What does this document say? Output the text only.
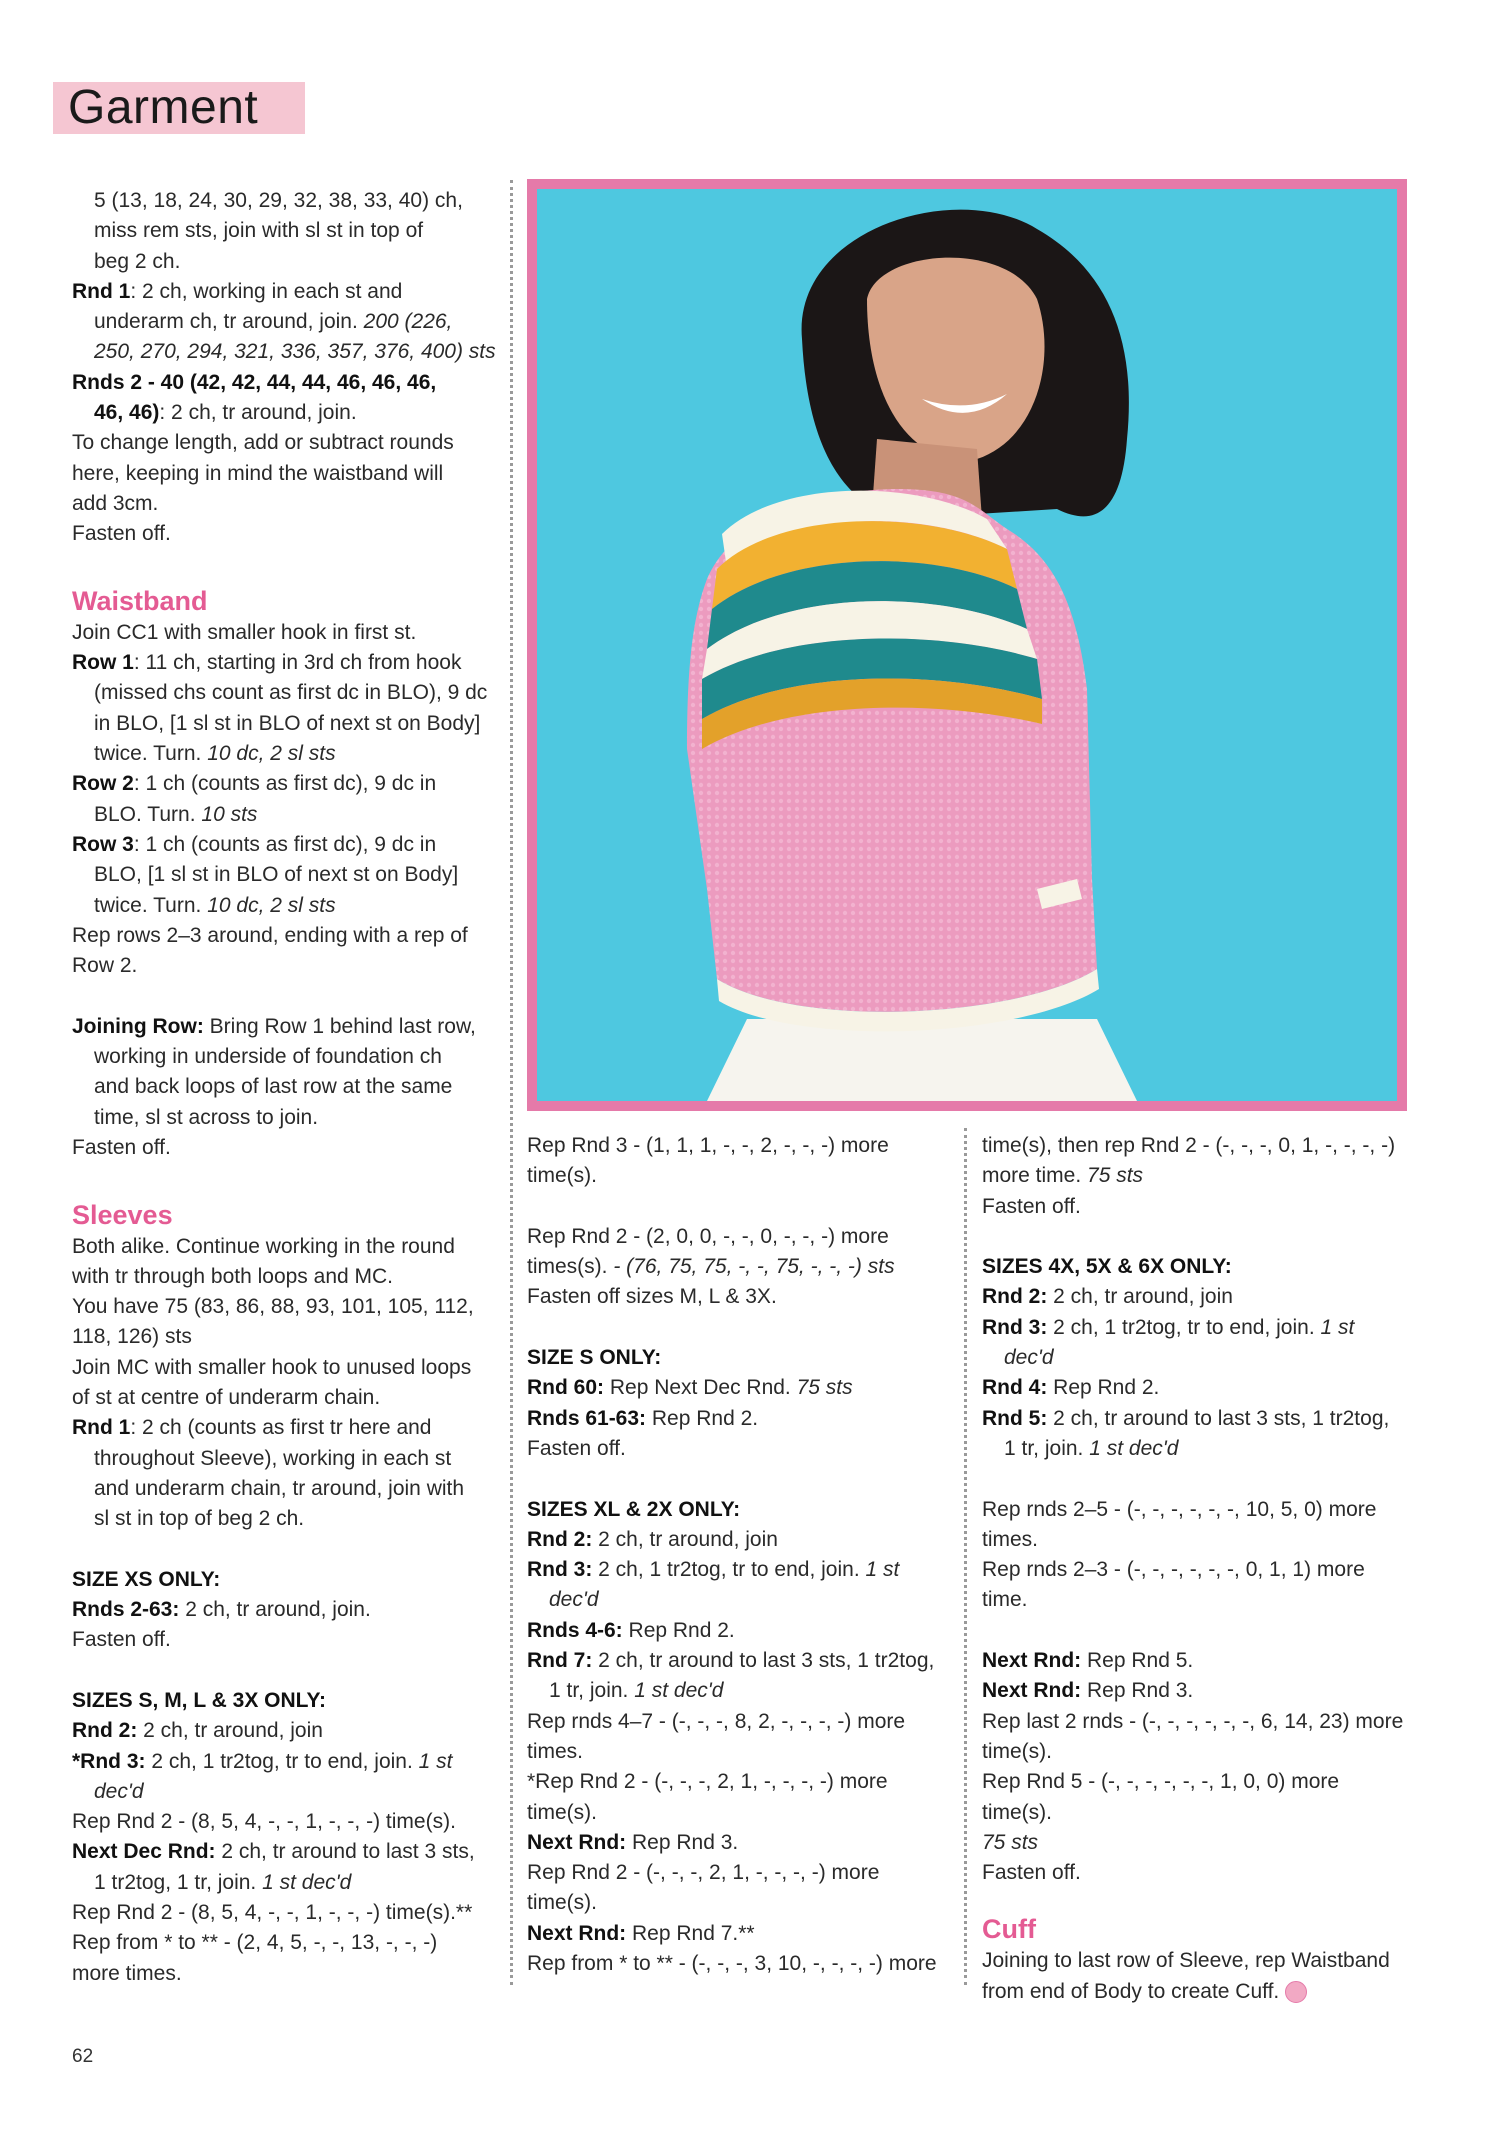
Garment

5 (13, 18, 24, 30, 29, 32, 38, 33, 40) ch,

miss rem sts, join with sl st in top of

beg 2 ch.

Rnd 1: 2 ch, working in each st and

underarm ch, tr around, join. 200 (226,

250, 270, 294, 321, 336, 357, 376, 400) sts

Rnds 2 - 40 (42, 42, 44, 44, 46, 46, 46,

46, 46): 2 ch, tr around, join.

To change length, add or subtract rounds

here, keeping in mind the waistband will

add 3cm.

Fasten off.

Waistband

Join CC1 with smaller hook in first st.

Row 1: 11 ch, starting in 3rd ch from hook

(missed chs count as first dc in BLO), 9 dc

in BLO, [1 sl st in BLO of next st on Body]

twice. Turn. 10 dc, 2 sl sts

Row 2: 1 ch (counts as first dc), 9 dc in

BLO. Turn. 10 sts

Row 3: 1 ch (counts as first dc), 9 dc in

BLO, [1 sl st in BLO of next st on Body]

twice. Turn. 10 dc, 2 sl sts

Rep rows 2–3 around, ending with a rep of

Row 2.

Joining Row: Bring Row 1 behind last row,

working in underside of foundation ch

and back loops of last row at the same

time, sl st across to join.

Fasten off.

Sleeves

Both alike. Continue working in the round

with tr through both loops and MC.

You have 75 (83, 86, 88, 93, 101, 105, 112,

118, 126) sts

Join MC with smaller hook to unused loops

of st at centre of underarm chain.

Rnd 1: 2 ch (counts as first tr here and

throughout Sleeve), working in each st

and underarm chain, tr around, join with

sl st in top of beg 2 ch.

SIZE XS ONLY:

Rnds 2-63: 2 ch, tr around, join.

Fasten off.

SIZES S, M, L & 3X ONLY:

Rnd 2: 2 ch, tr around, join

*Rnd 3: 2 ch, 1 tr2tog, tr to end, join. 1 st

dec'd

Rep Rnd 2 - (8, 5, 4, -, -, 1, -, -, -) time(s).

Next Dec Rnd: 2 ch, tr around to last 3 sts,

1 tr2tog, 1 tr, join. 1 st dec'd

Rep Rnd 2 - (8, 5, 4, -, -, 1, -, -, -) time(s).**

Rep from * to ** - (2, 4, 5, -, -, 13, -, -, -)

more times.

Rep Rnd 3 - (1, 1, 1, -, -, 2, -, -, -) more

time(s).

Rep Rnd 2 - (2, 0, 0, -, -, 0, -, -, -) more

times(s). - (76, 75, 75, -, -, 75, -, -, -) sts

Fasten off sizes M, L & 3X.

SIZE S ONLY:

Rnd 60: Rep Next Dec Rnd. 75 sts

Rnds 61-63: Rep Rnd 2.

Fasten off.

SIZES XL & 2X ONLY:

Rnd 2: 2 ch, tr around, join

Rnd 3: 2 ch, 1 tr2tog, tr to end, join. 1 st

dec'd

Rnds 4-6: Rep Rnd 2.

Rnd 7: 2 ch, tr around to last 3 sts, 1 tr2tog,

1 tr, join. 1 st dec'd

Rep rnds 4–7 - (-, -, -, 8, 2, -, -, -, -) more

times.

*Rep Rnd 2 - (-, -, -, 2, 1, -, -, -, -) more

time(s).

Next Rnd: Rep Rnd 3.

Rep Rnd 2 - (-, -, -, 2, 1, -, -, -, -) more

time(s).

Next Rnd: Rep Rnd 7.**

Rep from * to ** - (-, -, -, 3, 10, -, -, -, -) more

time(s), then rep Rnd 2 - (-, -, -, 0, 1, -, -, -, -)

more time. 75 sts

Fasten off.

SIZES 4X, 5X & 6X ONLY:

Rnd 2: 2 ch, tr around, join

Rnd 3: 2 ch, 1 tr2tog, tr to end, join. 1 st

dec'd

Rnd 4: Rep Rnd 2.

Rnd 5: 2 ch, tr around to last 3 sts, 1 tr2tog,

1 tr, join. 1 st dec'd

Rep rnds 2–5 - (-, -, -, -, -, -, 10, 5, 0) more

times.

Rep rnds 2–3 - (-, -, -, -, -, -, 0, 1, 1) more

time.

Next Rnd: Rep Rnd 5.

Next Rnd: Rep Rnd 3.

Rep last 2 rnds - (-, -, -, -, -, -, 6, 14, 23) more

time(s).

Rep Rnd 5 - (-, -, -, -, -, -, 1, 0, 0) more time(s).

75 sts

Fasten off.

Cuff

Joining to last row of Sleeve, rep Waistband

from end of Body to create Cuff.

62
